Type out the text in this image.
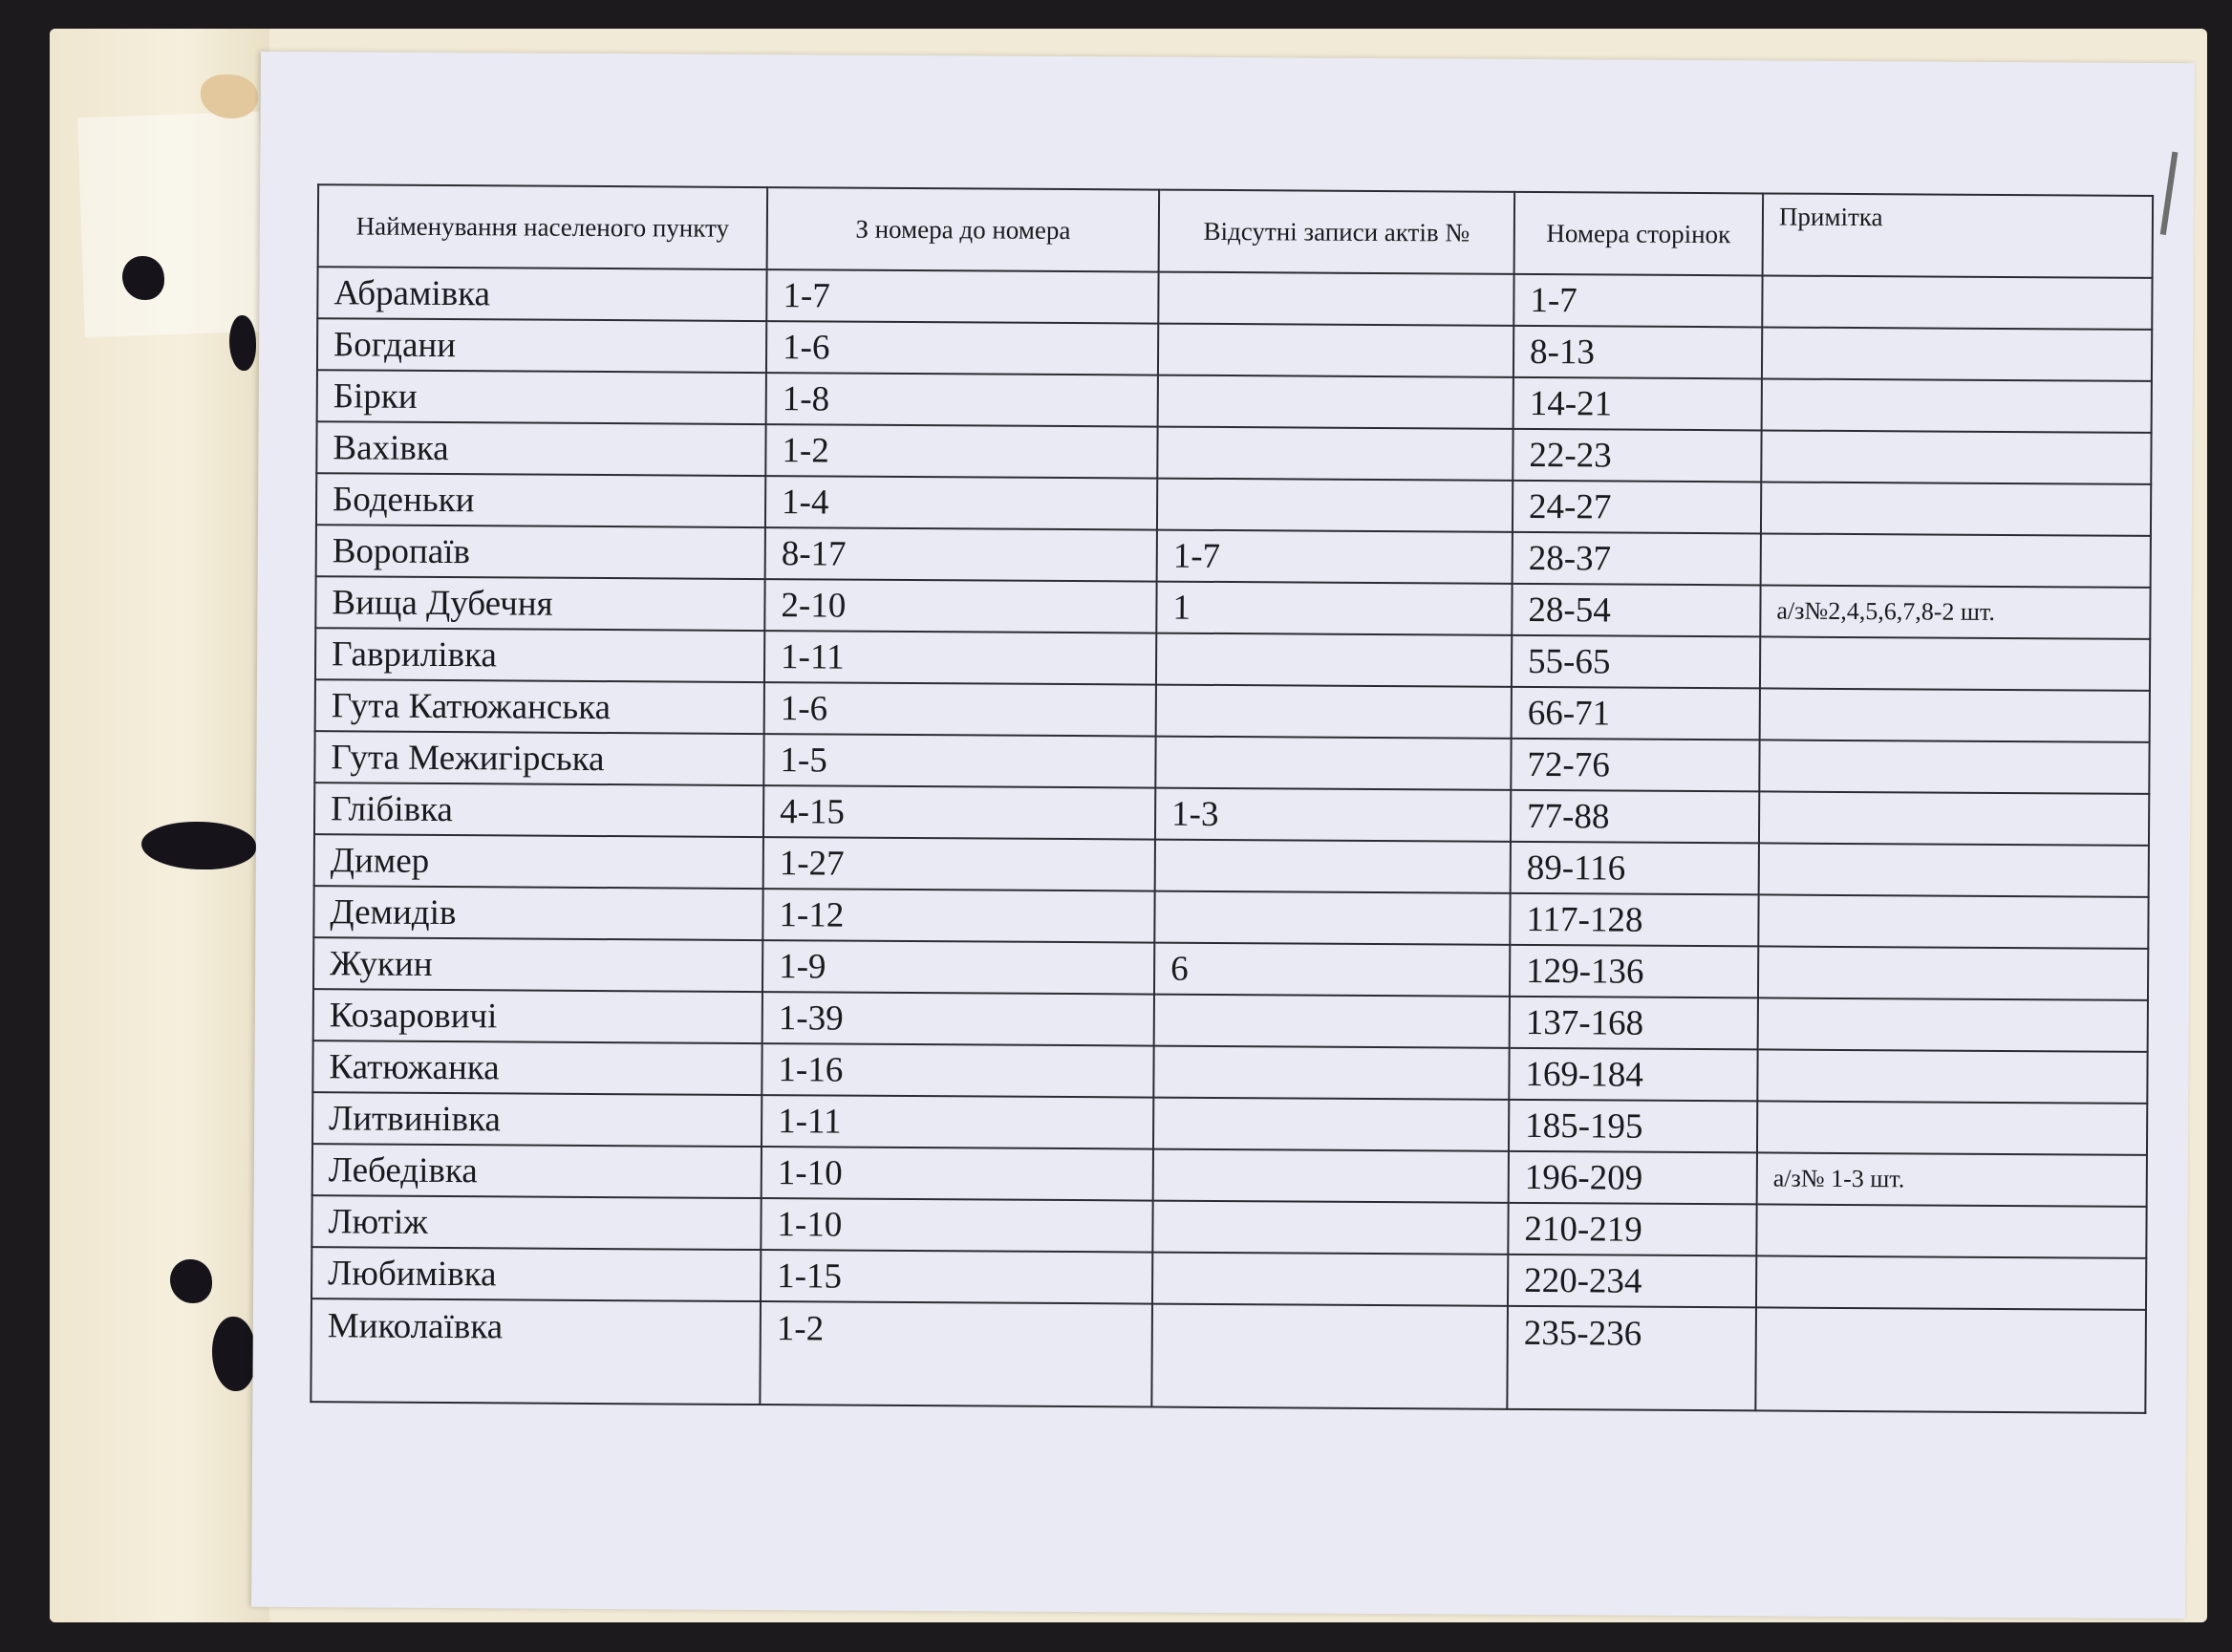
I
Найменування населеного пункту	З номера до номера	Відсутні записи актів №	Номера сторінок	Примітка
Абрамівка	1-7		1-7	
Богдани	1-6		8-13	
Бірки	1-8		14-21	
Вахівка	1-2		22-23	
Боденьки	1-4		24-27	
Воропаїв	8-17	1-7	28-37	
Вища Дубечня	2-10	1	28-54	а/з№2,4,5,6,7,8-2 шт.
Гаврилівка	1-11		55-65	
Гута Катюжанська	1-6		66-71	
Гута Межигірська	1-5		72-76	
Глібівка	4-15	1-3	77-88	
Димер	1-27		89-116	
Демидів	1-12		117-128	
Жукин	1-9	6	129-136	
Козаровичі	1-39		137-168	
Катюжанка	1-16		169-184	
Литвинівка	1-11		185-195	
Лебедівка	1-10		196-209	а/з№ 1-3 шт.
Лютіж	1-10		210-219	
Любимівка	1-15		220-234	
Миколаївка	1-2		235-236	
